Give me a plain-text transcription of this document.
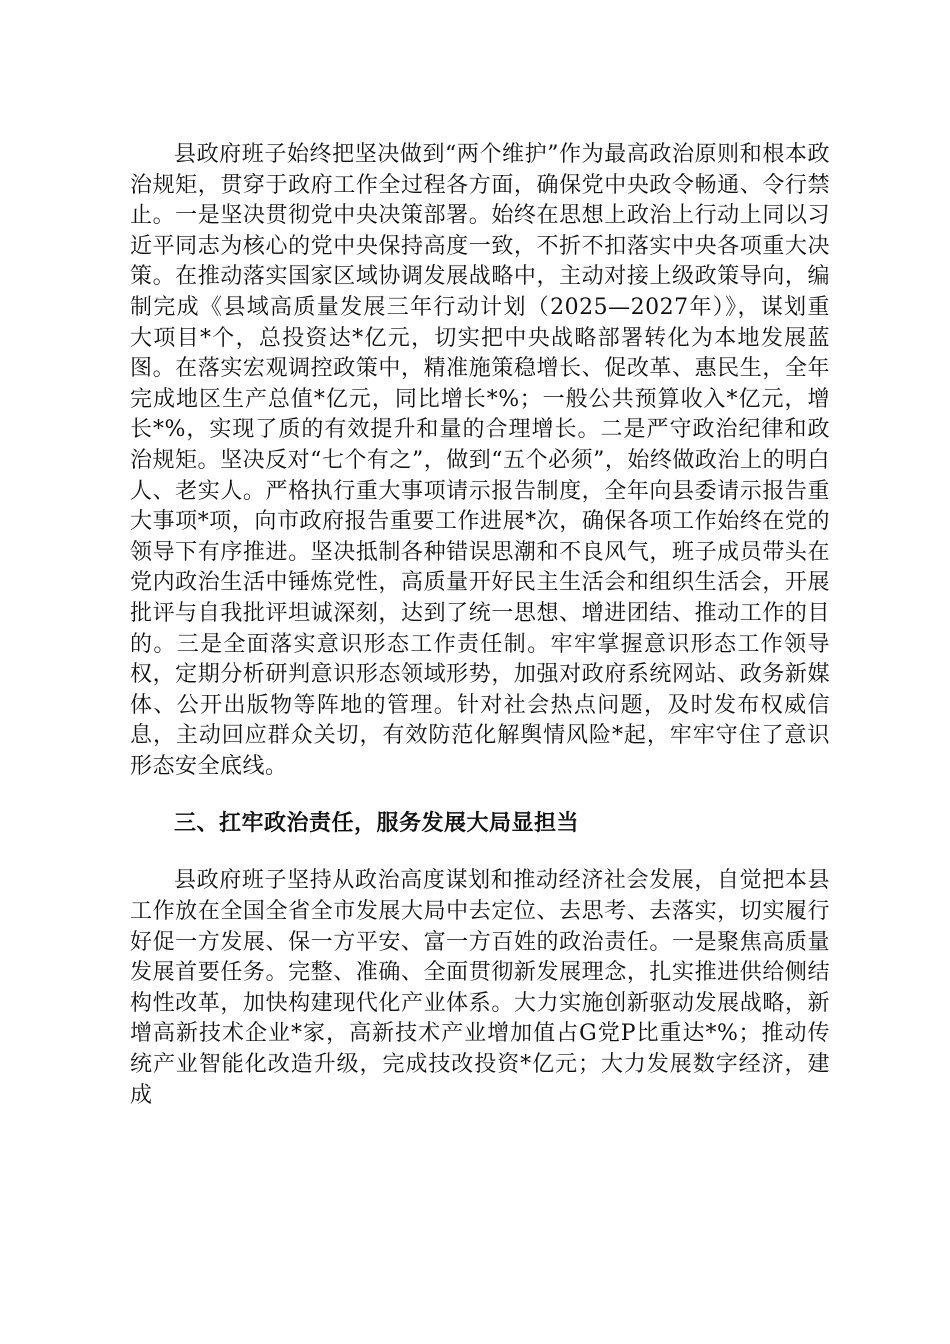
县政府班子始终把坚决做到“两个维护”作为最高政治原则和根本政治规矩，贯穿于政府工作全过程各方面，确保党中央政令畅通、令行禁止。一是坚决贯彻党中央决策部署。始终在思想上政治上行动上同以习近平同志为核心的党中央保持高度一致，不折不扣落实中央各项重大决策。在推动落实国家区域协调发展战略中，主动对接上级政策导向，编制完成《县域高质量发展三年行动计划（2025—2027年）》，谋划重大项目*个，总投资达*亿元，切实把中央战略部署转化为本地发展蓝图。在落实宏观调控政策中，精准施策稳增长、促改革、惠民生，全年完成地区生产总值*亿元，同比增长*%；一般公共预算收入*亿元，增长*%，实现了质的有效提升和量的合理增长。二是严守政治纪律和政治规矩。坚决反对“七个有之”，做到“五个必须”，始终做政治上的明白人、老实人。严格执行重大事项请示报告制度，全年向县委请示报告重大事项*项，向市政府报告重要工作进展*次，确保各项工作始终在党的领导下有序推进。坚决抵制各种错误思潮和不良风气，班子成员带头在党内政治生活中锤炼党性，高质量开好民主生活会和组织生活会，开展批评与自我批评坦诚深刻，达到了统一思想、增进团结、推动工作的目的。三是全面落实意识形态工作责任制。牢牢掌握意识形态工作领导权，定期分析研判意识形态领域形势，加强对政府系统网站、政务新媒体、公开出版物等阵地的管理。针对社会热点问题，及时发布权威信息，主动回应群众关切，有效防范化解舆情风险*起，牢牢守住了意识形态安全底线。

三、扛牢政治责任，服务发展大局显担当

县政府班子坚持从政治高度谋划和推动经济社会发展，自觉把本县工作放在全国全省全市发展大局中去定位、去思考、去落实，切实履行好促一方发展、保一方平安、富一方百姓的政治责任。一是聚焦高质量发展首要任务。完整、准确、全面贯彻新发展理念，扎实推进供给侧结构性改革，加快构建现代化产业体系。大力实施创新驱动发展战略，新增高新技术企业*家，高新技术产业增加值占G党P比重达*%；推动传统产业智能化改造升级，完成技改投资*亿元；大力发展数字经济，建成
